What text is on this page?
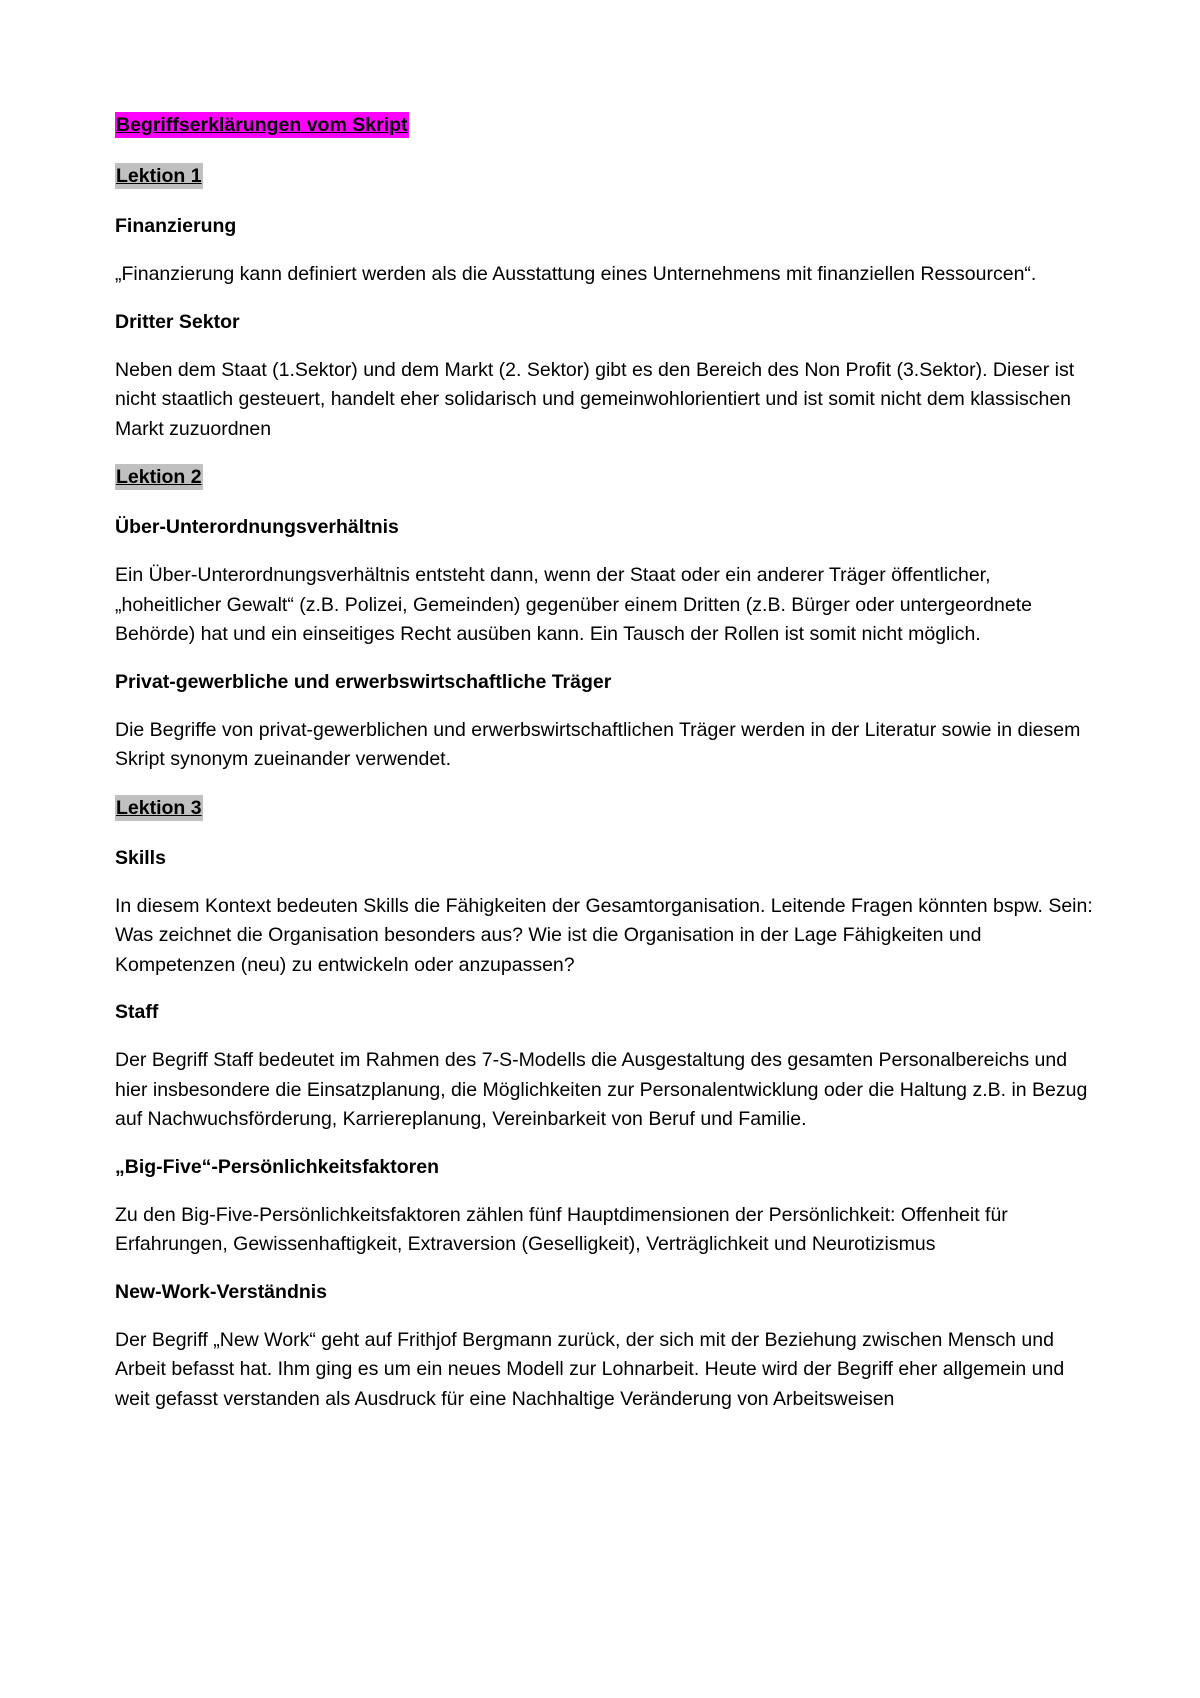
Begriffserklärungen vom Skript
Lektion 1
Finanzierung
„Finanzierung kann definiert werden als die Ausstattung eines Unternehmens mit finanziellen Ressourcen“.
Dritter Sektor
Neben dem Staat (1.Sektor) und dem Markt (2. Sektor) gibt es den Bereich des Non Profit (3.Sektor). Dieser ist nicht staatlich gesteuert, handelt eher solidarisch und gemeinwohlorientiert und ist somit nicht dem klassischen Markt zuzuordnen
Lektion 2
Über-Unterordnungsverhältnis
Ein Über-Unterordnungsverhältnis entsteht dann, wenn der Staat oder ein anderer Träger öffentlicher, „hoheitlicher Gewalt“ (z.B. Polizei, Gemeinden) gegenüber einem Dritten (z.B. Bürger oder untergeordnete Behörde) hat und ein einseitiges Recht ausüben kann. Ein Tausch der Rollen ist somit nicht möglich.
Privat-gewerbliche und erwerbswirtschaftliche Träger
Die Begriffe von privat-gewerblichen und erwerbswirtschaftlichen Träger werden in der Literatur sowie in diesem Skript synonym zueinander verwendet.
Lektion 3
Skills
In diesem Kontext bedeuten Skills die Fähigkeiten der Gesamtorganisation. Leitende Fragen könnten bspw. Sein: Was zeichnet die Organisation besonders aus? Wie ist die Organisation in der Lage Fähigkeiten und Kompetenzen (neu) zu entwickeln oder anzupassen?
Staff
Der Begriff Staff bedeutet im Rahmen des 7-S-Modells die Ausgestaltung des gesamten Personalbereichs und hier insbesondere die Einsatzplanung, die Möglichkeiten zur Personalentwicklung oder die Haltung z.B. in Bezug auf Nachwuchsförderung, Karriereplanung, Vereinbarkeit von Beruf und Familie.
„Big-Five“-Persönlichkeitsfaktoren
Zu den Big-Five-Persönlichkeitsfaktoren zählen fünf Hauptdimensionen der Persönlichkeit: Offenheit für Erfahrungen, Gewissenhaftigkeit, Extraversion (Geselligkeit), Verträglichkeit und Neurotizismus
New-Work-Verständnis
Der Begriff „New Work“ geht auf Frithjof Bergmann zurück, der sich mit der Beziehung zwischen Mensch und Arbeit befasst hat. Ihm ging es um ein neues Modell zur Lohnarbeit. Heute wird der Begriff eher allgemein und weit gefasst verstanden als Ausdruck für eine Nachhaltige Veränderung von Arbeitsweisen
